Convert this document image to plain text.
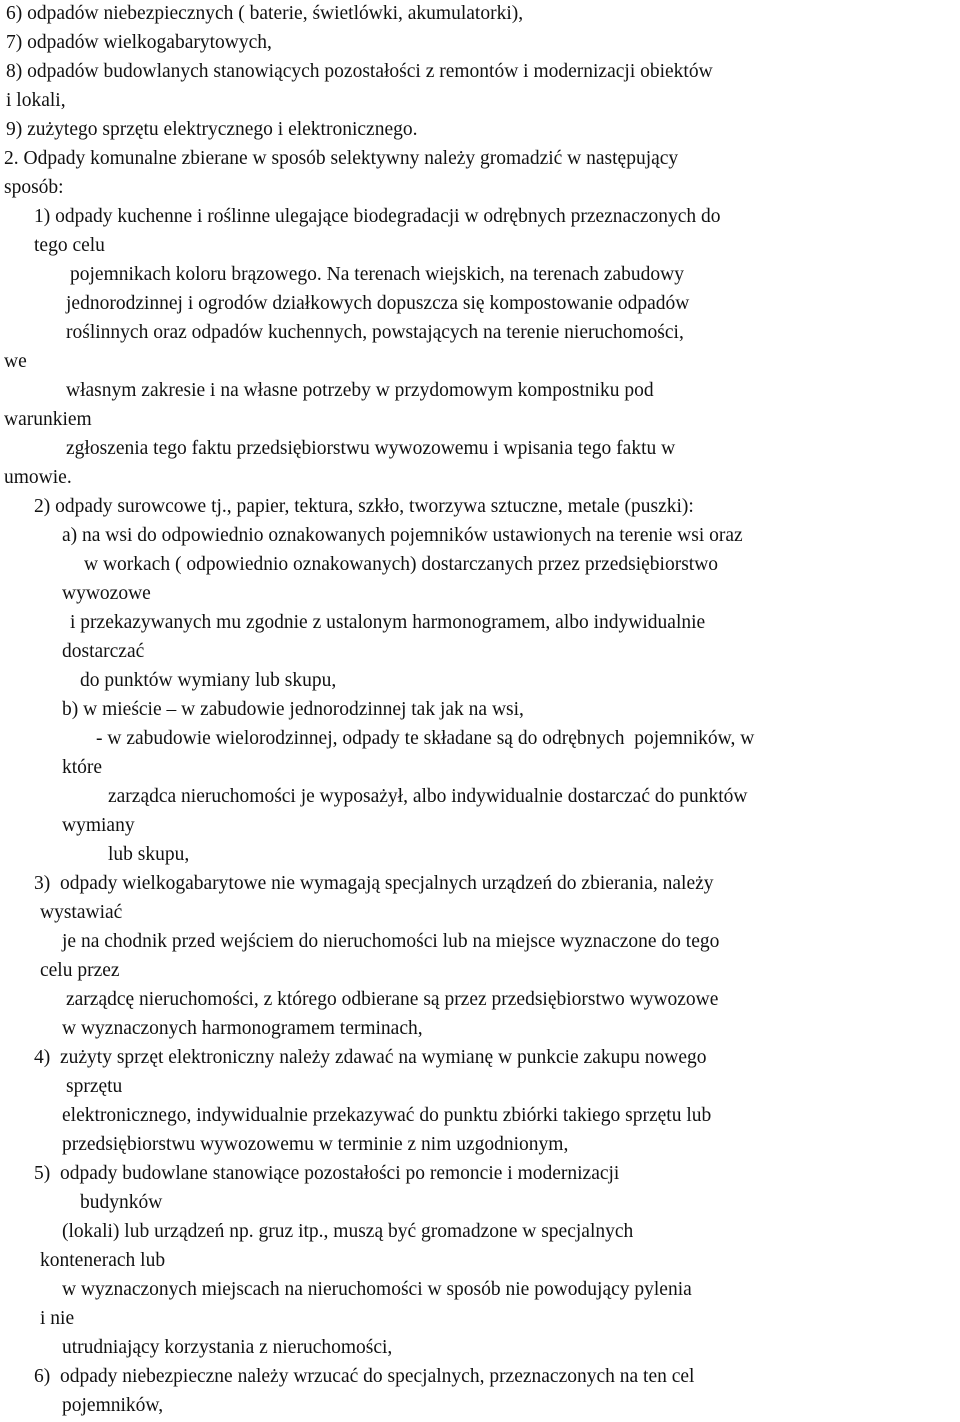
6) odpadów niebezpiecznych ( baterie, świetlówki, akumulatorki),

7) odpadów wielkogabarytowych,

8) odpadów budowlanych stanowiących pozostałości z remontów i modernizacji obiektów

i lokali,

9) zużytego sprzętu elektrycznego i elektronicznego.

2. Odpady komunalne zbierane w sposób selektywny należy gromadzić w następujący

sposób:

1) odpady kuchenne i roślinne ulegające biodegradacji w odrębnych przeznaczonych do

tego celu

pojemnikach koloru brązowego. Na terenach wiejskich, na terenach zabudowy

jednorodzinnej i ogrodów działkowych dopuszcza się kompostowanie odpadów

roślinnych oraz odpadów kuchennych, powstających na terenie nieruchomości,

we

własnym zakresie i na własne potrzeby w przydomowym kompostniku pod

warunkiem

zgłoszenia tego faktu przedsiębiorstwu wywozowemu i wpisania tego faktu w

umowie.

2) odpady surowcowe tj., papier, tektura, szkło, tworzywa sztuczne, metale (puszki):

a) na wsi do odpowiednio oznakowanych pojemników ustawionych na terenie wsi oraz

w workach ( odpowiednio oznakowanych) dostarczanych przez przedsiębiorstwo

wywozowe

i przekazywanych mu zgodnie z ustalonym harmonogramem, albo indywidualnie

dostarczać

do punktów wymiany lub skupu,

b) w mieście – w zabudowie jednorodzinnej tak jak na wsi,

- w zabudowie wielorodzinnej, odpady te składane są do odrębnych  pojemników, w

które

zarządca nieruchomości je wyposażył, albo indywidualnie dostarczać do punktów

wymiany

lub skupu,

3)  odpady wielkogabarytowe nie wymagają specjalnych urządzeń do zbierania, należy

wystawiać

je na chodnik przed wejściem do nieruchomości lub na miejsce wyznaczone do tego

celu przez

zarządcę nieruchomości, z którego odbierane są przez przedsiębiorstwo wywozowe

w wyznaczonych harmonogramem terminach,

4)  zużyty sprzęt elektroniczny należy zdawać na wymianę w punkcie zakupu nowego

sprzętu

elektronicznego, indywidualnie przekazywać do punktu zbiórki takiego sprzętu lub

przedsiębiorstwu wywozowemu w terminie z nim uzgodnionym,

5)  odpady budowlane stanowiące pozostałości po remoncie i modernizacji

budynków

(lokali) lub urządzeń np. gruz itp., muszą być gromadzone w specjalnych

kontenerach lub

w wyznaczonych miejscach na nieruchomości w sposób nie powodujący pylenia

i nie

utrudniający korzystania z nieruchomości,

6)  odpady niebezpieczne należy wrzucać do specjalnych, przeznaczonych na ten cel

pojemników,
